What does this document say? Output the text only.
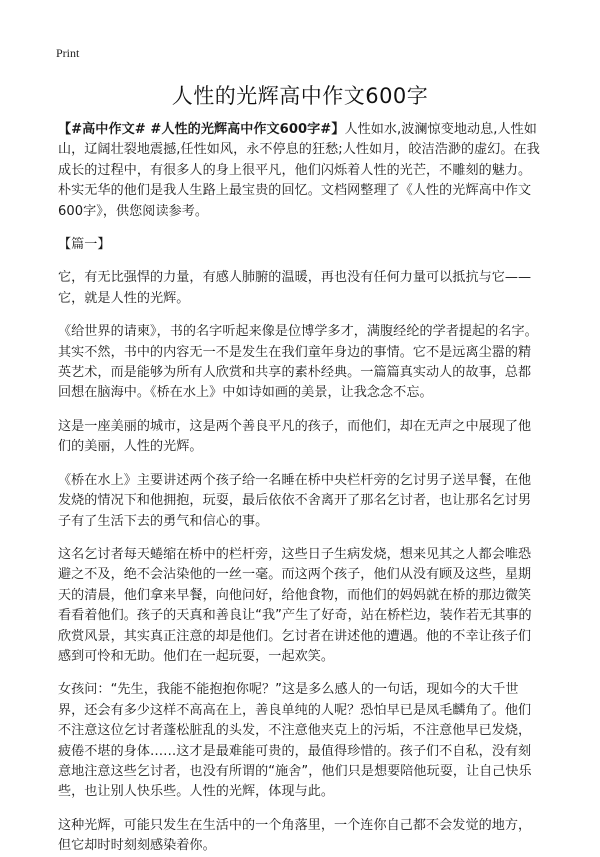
Print
人性的光辉高中作文600字

【#高中作文# #人性的光辉高中作文600字#】人性如水,波澜惊变地动息,人性如山，辽阔壮裂地震撼,任性如风，永不停息的狂愁;人性如月，皎洁浩渺的虚幻。在我成长的过程中，有很多人的身上很平凡，他们闪烁着人性的光芒，不雕刻的魅力。朴实无华的他们是我人生路上最宝贵的回忆。文档网整理了《人性的光辉高中作文600字》，供您阅读参考。

【篇一】

它，有无比强悍的力量，有感人肺腑的温暖，再也没有任何力量可以抵抗与它——它，就是人性的光辉。

《给世界的请柬》，书的名字听起来像是位博学多才，满腹经纶的学者提起的名字。其实不然，书中的内容无一不是发生在我们童年身边的事情。它不是远离尘嚣的精英艺术，而是能够为所有人欣赏和共享的素朴经典。一篇篇真实动人的故事，总都回想在脑海中。《桥在水上》中如诗如画的美景，让我念念不忘。

这是一座美丽的城市，这是两个善良平凡的孩子，而他们，却在无声之中展现了他们的美丽，人性的光辉。

《桥在水上》主要讲述两个孩子给一名睡在桥中央栏杆旁的乞讨男子送早餐，在他发烧的情况下和他拥抱，玩耍，最后依依不舍离开了那名乞讨者，也让那名乞讨男子有了生活下去的勇气和信心的事。

这名乞讨者每天蜷缩在桥中的栏杆旁，这些日子生病发烧，想来见其之人都会唯恐避之不及，绝不会沾染他的一丝一毫。而这两个孩子，他们从没有顾及这些，星期天的清晨，他们拿来早餐，向他问好，给他食物，而他们的妈妈就在桥的那边微笑看看着他们。孩子的天真和善良让“我”产生了好奇，站在桥栏边，装作若无其事的欣赏风景，其实真正注意的却是他们。乞讨者在讲述他的遭遇。他的不幸让孩子们感到可怜和无助。他们在一起玩耍，一起欢笑。

女孩问：“先生，我能不能抱抱你呢？”这是多么感人的一句话，现如今的大千世界，还会有多少这样不高高在上，善良单纯的人呢？恐怕早已是凤毛麟角了。他们不注意这位乞讨者蓬松脏乱的头发，不注意他夹克上的污垢，不注意他早已发烧，疲倦不堪的身体……这才是最难能可贵的，最值得珍惜的。孩子们不自私，没有刻意地注意这些乞讨者，也没有所谓的“施舍”，他们只是想要陪他玩耍，让自己快乐些，也让别人快乐些。人性的光辉，体现与此。

这种光辉，可能只发生在生活中的一个角落里，一个连你自己都不会发觉的地方，但它却时时刻刻感染着你。
